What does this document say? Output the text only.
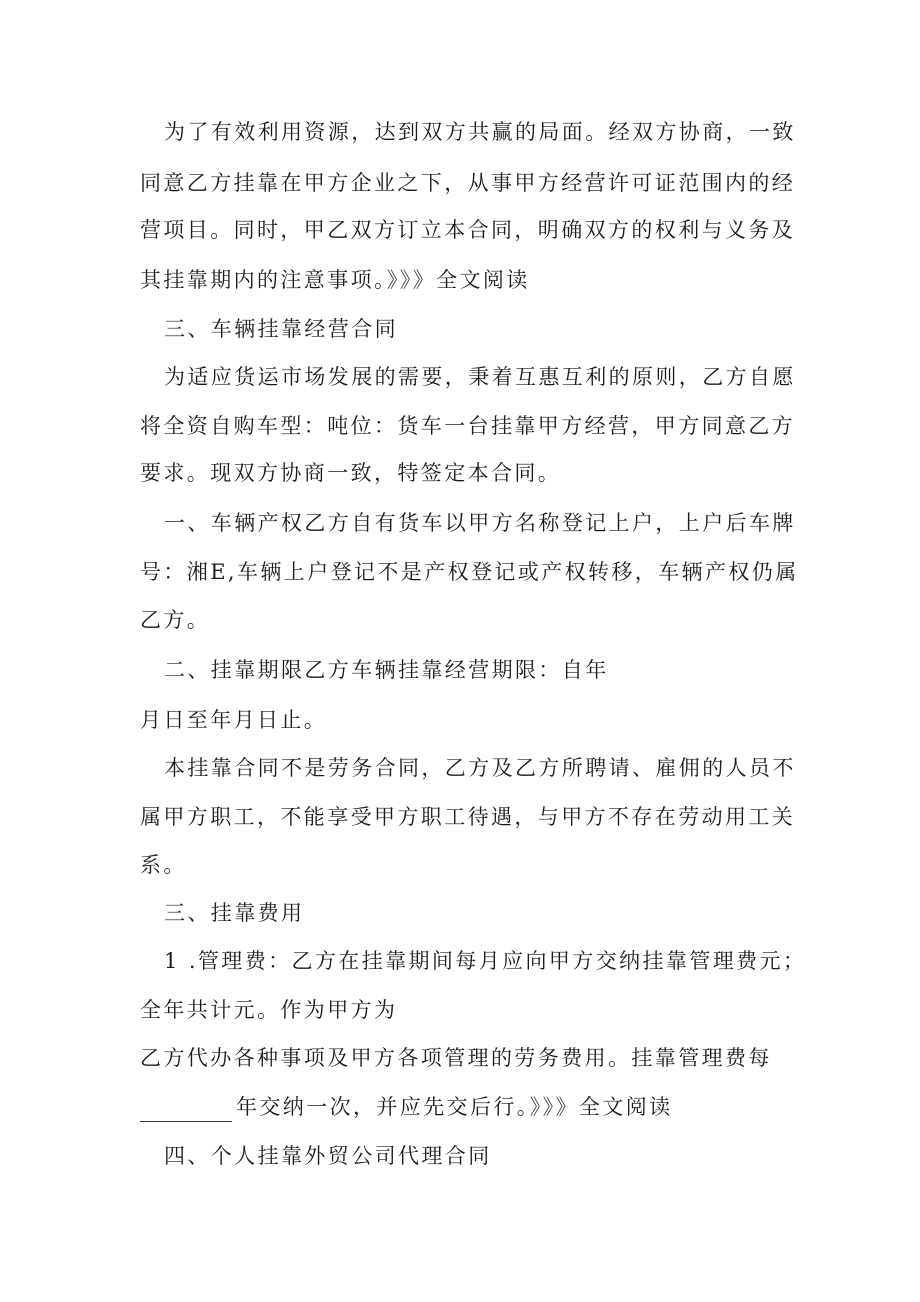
为了有效利用资源，达到双方共赢的局面。经双方协商，一致
同意乙方挂靠在甲方企业之下，从事甲方经营许可证范围内的经
营项目。同时，甲乙双方订立本合同，明确双方的权利与义务及
其挂靠期内的注意事项。》》》全文阅读
三、车辆挂靠经营合同
为适应货运市场发展的需要，秉着互惠互利的原则，乙方自愿
将全资自购车型：吨位：货车一台挂靠甲方经营，甲方同意乙方
要求。现双方协商一致，特签定本合同。
一、车辆产权乙方自有货车以甲方名称登记上户，上户后车牌
号：湘E,车辆上户登记不是产权登记或产权转移，车辆产权仍属
乙方。
二、挂靠期限乙方车辆挂靠经营期限：自年
月日至年月日止。
本挂靠合同不是劳务合同，乙方及乙方所聘请、雇佣的人员不
属甲方职工，不能享受甲方职工待遇，与甲方不存在劳动用工关
系。
三、挂靠费用
1 .管理费：乙方在挂靠期间每月应向甲方交纳挂靠管理费元；
全年共计元。作为甲方为
乙方代办各种事项及甲方各项管理的劳务费用。挂靠管理费每
年交纳一次，并应先交后行。》》》全文阅读
四、个人挂靠外贸公司代理合同
